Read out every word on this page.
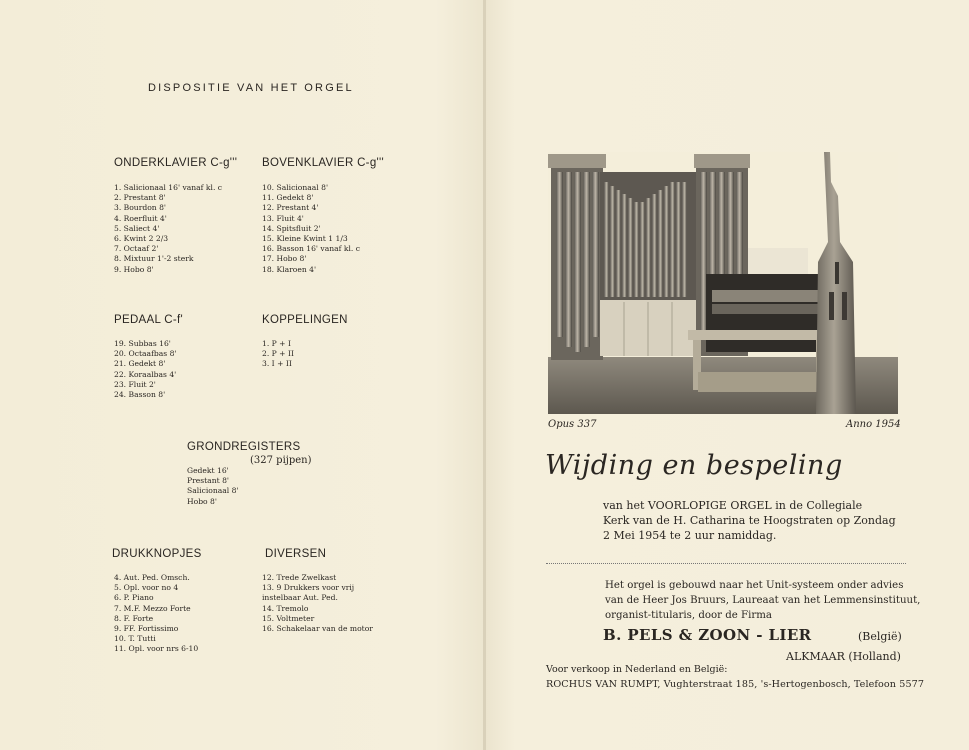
DISPOSITIE VAN HET ORGEL
ONDERKLAVIER C-g'''
1. Salicionaal 16' vanaf kl. c
2. Prestant 8'
3. Bourdon 8'
4. Roerfluit 4'
5. Saliect 4'
6. Kwint 2 2/3
7. Octaaf 2'
8. Mixtuur 1'-2 sterk
9. Hobo 8'
BOVENKLAVIER C-g'''
10. Salicionaal 8'
11. Gedekt 8'
12. Prestant 4'
13. Fluit 4'
14. Spitsfluit 2'
15. Kleine Kwint 1 1/3
16. Basson 16' vanaf kl. c
17. Hobo 8'
18. Klaroen 4'
PEDAAL C-f'
19. Subbas 16'
20. Octaafbas 8'
21. Gedekt 8'
22. Koraalbas 4'
23. Fluit 2'
24. Basson 8'
KOPPELINGEN
1. P + I
2. P + II
3. I + II
GRONDREGISTERS
(327 pijpen)
Gedekt 16'
Prestant 8'
Salicionaal 8'
Hobo 8'
DRUKKNOPJES
4. Aut. Ped. Omsch.
5. Opl. voor no 4
6. P. Piano
7. M.F. Mezzo Forte
8. F. Forte
9. FF. Fortissimo
10. T. Tutti
11. Opl. voor nrs 6-10
DIVERSEN
12. Trede Zwelkast
13. 9 Drukkers voor vrij
instelbaar Aut. Ped.
14. Tremolo
15. Voltmeter
16. Schakelaar van de motor
Opus 337	Anno 1954
Wijding en bespeling
van het VOORLOPIGE ORGEL in de Collegiale
Kerk van de H. Catharina te Hoogstraten op Zondag
2 Mei 1954 te 2 uur namiddag.
Het orgel is gebouwd naar het Unit-systeem onder advies
van de Heer Jos Bruurs, Laureaat van het Lemmensinstituut,
organist-titularis, door de Firma
B. PELS & ZOON - LIER	(België)
ALKMAAR (Holland)
Voor verkoop in Nederland en België:
ROCHUS VAN RUMPT, Vughterstraat 185, 's-Hertogenbosch, Telefoon 5577
